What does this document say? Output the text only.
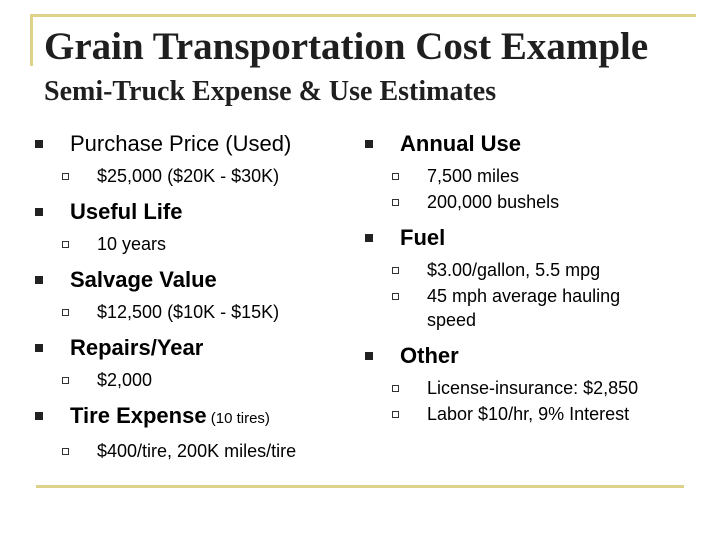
Grain Transportation Cost Example
Semi-Truck Expense & Use Estimates
Purchase Price (Used)
$25,000 ($20K - $30K)
Useful Life
10 years
Salvage Value
$12,500 ($10K - $15K)
Repairs/Year
$2,000
Tire Expense (10 tires)
$400/tire, 200K miles/tire
Annual Use
7,500 miles
200,000 bushels
Fuel
$3.00/gallon, 5.5 mpg
45 mph average hauling speed
Other
License-insurance: $2,850
Labor $10/hr, 9% Interest
